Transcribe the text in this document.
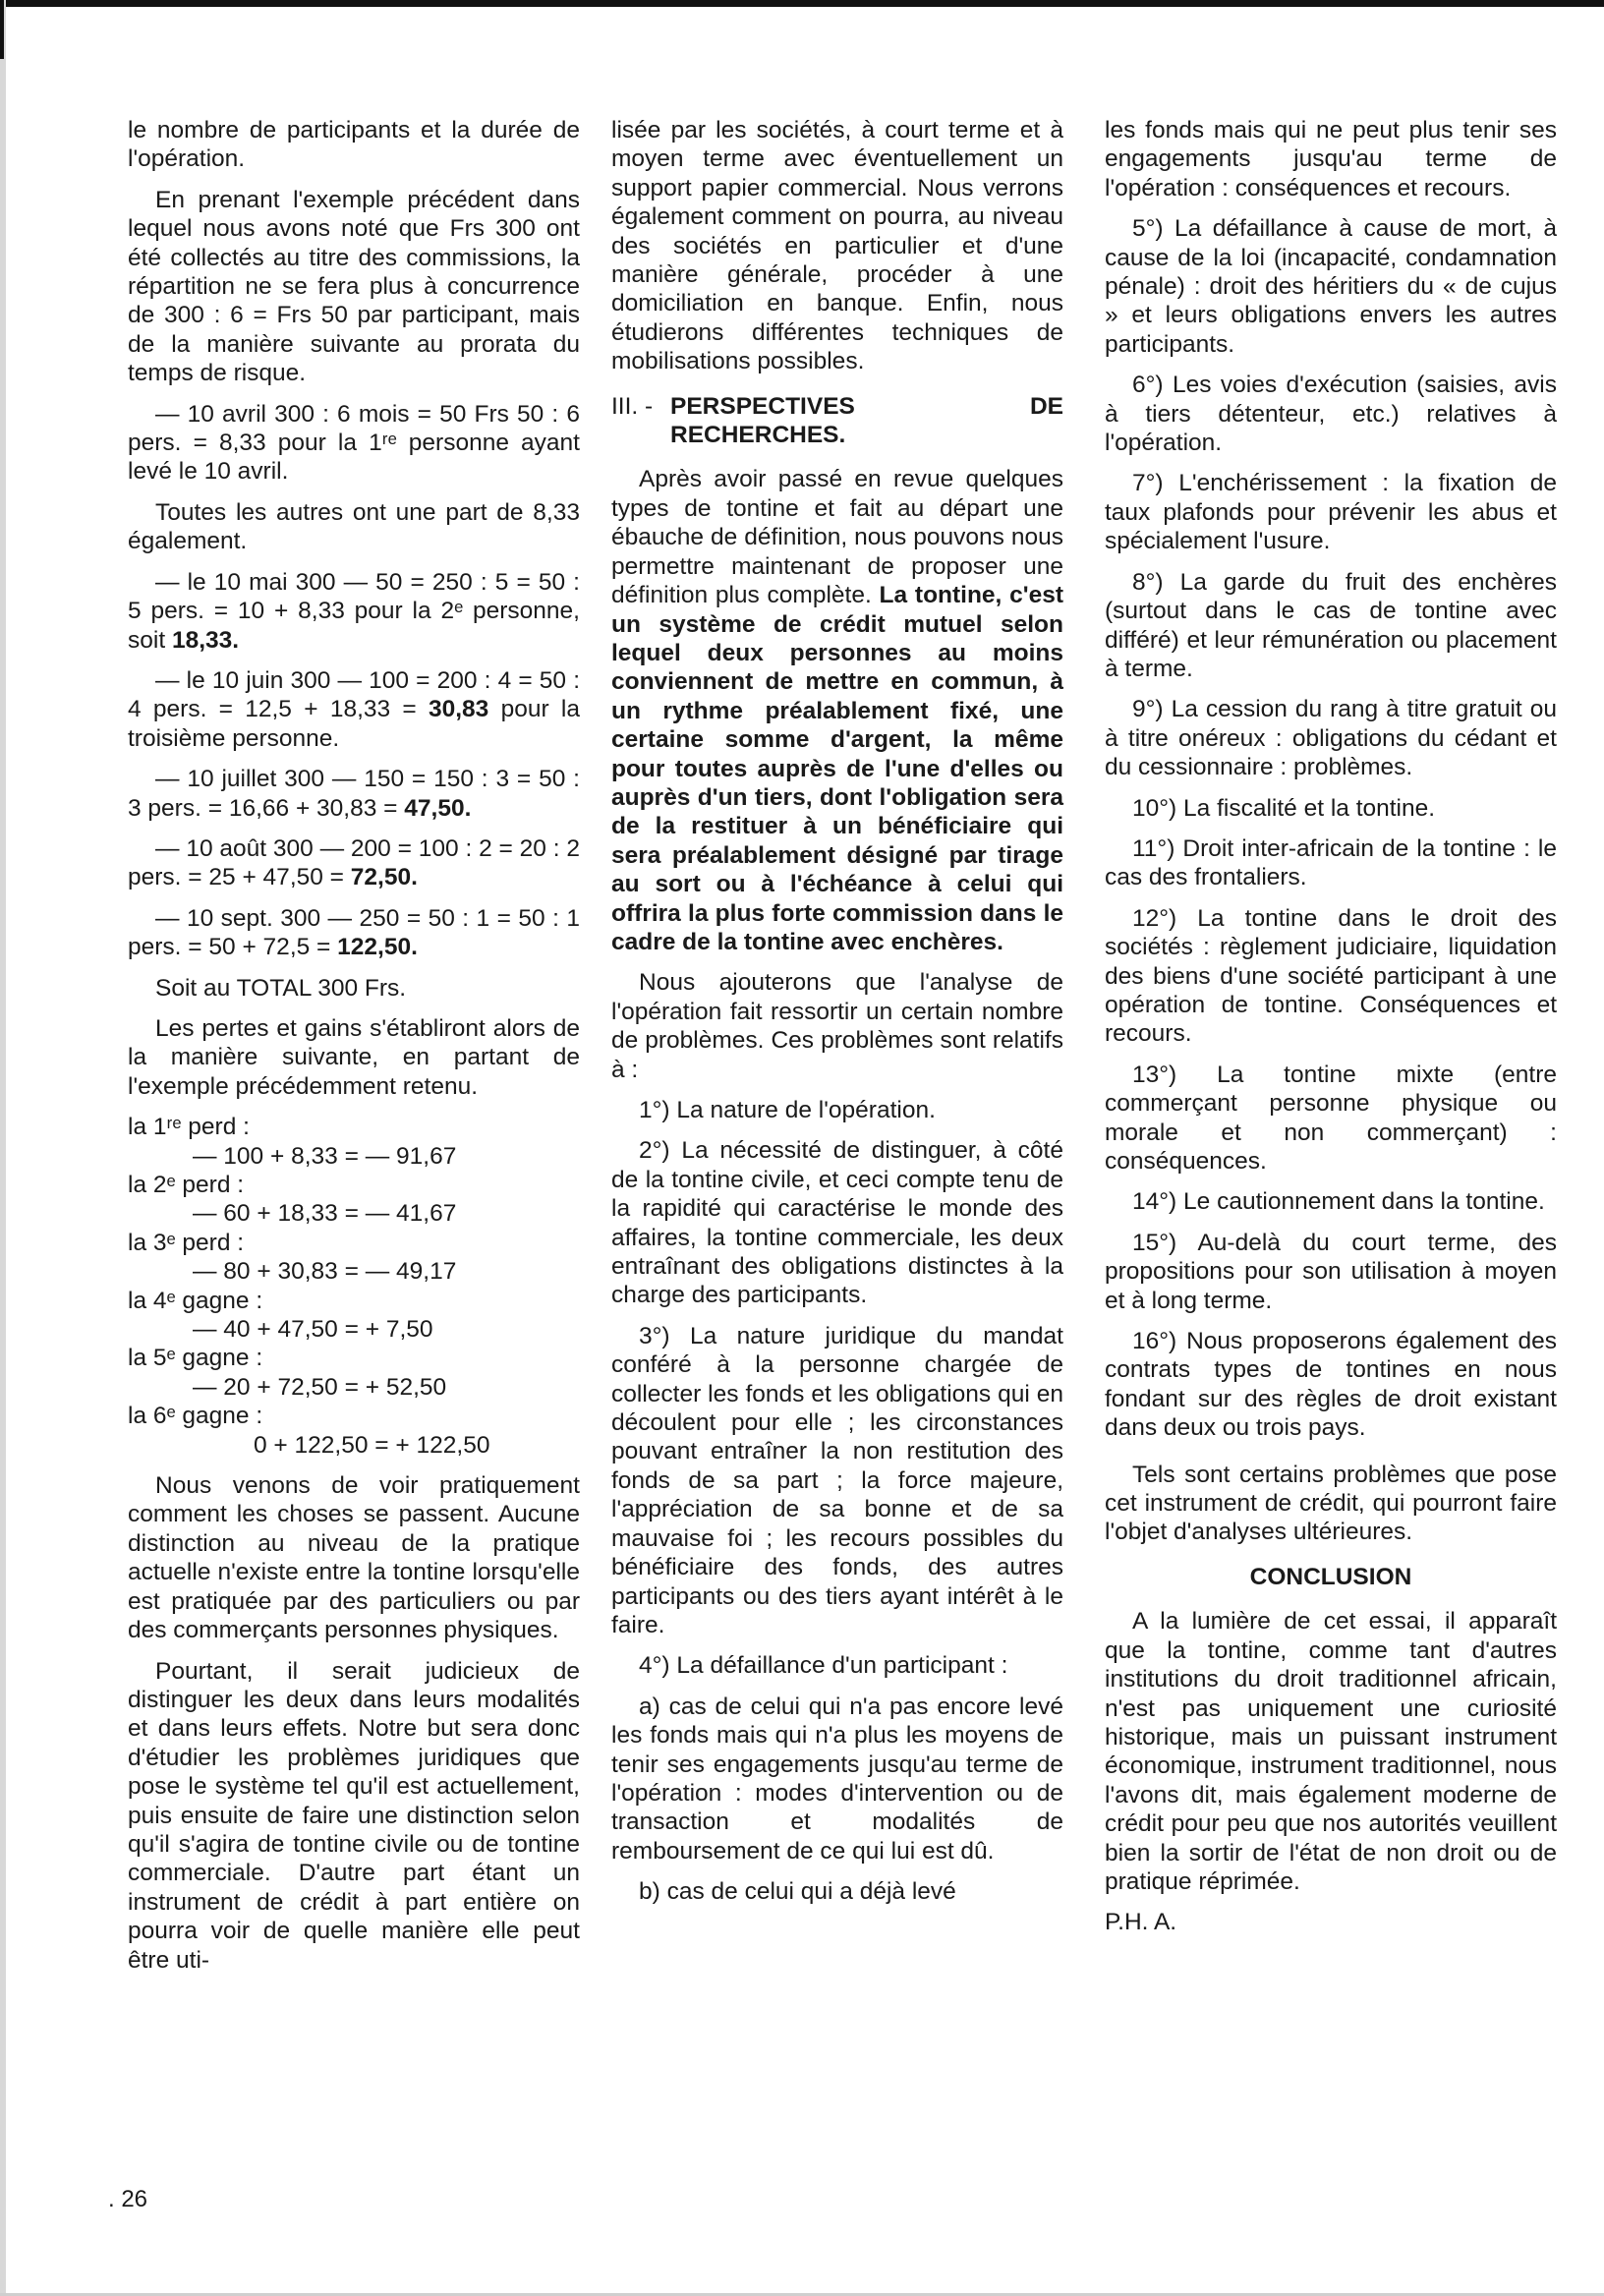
le nombre de participants et la durée de l'opération.

En prenant l'exemple précédent dans lequel nous avons noté que Frs 300 ont été collectés au titre des commissions, la répartition ne se fera plus à concurrence de 300 : 6 = Frs 50 par participant, mais de la manière suivante au prorata du temps de risque.

— 10 avril 300 : 6 mois = 50 Frs 50 : 6 pers. = 8,33 pour la 1ʳᵉ personne ayant levé le 10 avril.

Toutes les autres ont une part de 8,33 également.

— le 10 mai 300 — 50 = 250 : 5 = 50 : 5 pers. = 10 + 8,33 pour la 2ᵉ personne, soit 18,33.

— le 10 juin 300 — 100 = 200 : 4 = 50 : 4 pers. = 12,5 + 18,33 = 30,83 pour la troisième personne.

— 10 juillet 300 — 150 = 150 : 3 = 50 : 3 pers. = 16,66 + 30,83 = 47,50.

— 10 août 300 — 200 = 100 : 2 = 20 : 2 pers. = 25 + 47,50 = 72,50.

— 10 sept. 300 — 250 = 50 : 1 = 50 : 1 pers. = 50 + 72,5 = 122,50.

Soit au TOTAL 300 Frs.

Les pertes et gains s'établiront alors de la manière suivante, en partant de l'exemple précédemment retenu.

la 1ʳᵉ perd :

— 100 + 8,33 = — 91,67

la 2ᵉ perd :

— 60 + 18,33 = — 41,67

la 3ᵉ perd :

— 80 + 30,83 = — 49,17

la 4ᵉ gagne :

— 40 + 47,50 = + 7,50

la 5ᵉ gagne :

— 20 + 72,50 = + 52,50

la 6ᵉ gagne :

0 + 122,50 = + 122,50

Nous venons de voir pratiquement comment les choses se passent. Aucune distinction au niveau de la pratique actuelle n'existe entre la tontine lorsqu'elle est pratiquée par des particuliers ou par des commerçants personnes physiques.

Pourtant, il serait judicieux de distinguer les deux dans leurs modalités et dans leurs effets. Notre but sera donc d'étudier les problèmes juridiques que pose le système tel qu'il est actuellement, puis ensuite de faire une distinction selon qu'il s'agira de tontine civile ou de tontine commerciale. D'autre part étant un instrument de crédit à part entière on pourra voir de quelle manière elle peut être uti-

lisée par les sociétés, à court terme et à moyen terme avec éventuellement un support papier commercial. Nous verrons également comment on pourra, au niveau des sociétés en particulier et d'une manière générale, procéder à une domiciliation en banque. Enfin, nous étudierons différentes techniques de mobilisations possibles.

III. - PERSPECTIVES DE RECHERCHES.

Après avoir passé en revue quelques types de tontine et fait au départ une ébauche de définition, nous pouvons nous permettre maintenant de proposer une définition plus complète. La tontine, c'est un système de crédit mutuel selon lequel deux personnes au moins conviennent de mettre en commun, à un rythme préalablement fixé, une certaine somme d'argent, la même pour toutes auprès de l'une d'elles ou auprès d'un tiers, dont l'obligation sera de la restituer à un bénéficiaire qui sera préalablement désigné par tirage au sort ou à l'échéance à celui qui offrira la plus forte commission dans le cadre de la tontine avec enchères.

Nous ajouterons que l'analyse de l'opération fait ressortir un certain nombre de problèmes. Ces problèmes sont relatifs à :

1°) La nature de l'opération.

2°) La nécessité de distinguer, à côté de la tontine civile, et ceci compte tenu de la rapidité qui caractérise le monde des affaires, la tontine commerciale, les deux entraînant des obligations distinctes à la charge des participants.

3°) La nature juridique du mandat conféré à la personne chargée de collecter les fonds et les obligations qui en découlent pour elle ; les circonstances pouvant entraîner la non restitution des fonds de sa part ; la force majeure, l'appréciation de sa bonne et de sa mauvaise foi ; les recours possibles du bénéficiaire des fonds, des autres participants ou des tiers ayant intérêt à le faire.

4°) La défaillance d'un participant :

a) cas de celui qui n'a pas encore levé les fonds mais qui n'a plus les moyens de tenir ses engagements jusqu'au terme de l'opération : modes d'intervention ou de transaction et modalités de remboursement de ce qui lui est dû.

b) cas de celui qui a déjà levé

les fonds mais qui ne peut plus tenir ses engagements jusqu'au terme de l'opération : conséquences et recours.

5°) La défaillance à cause de mort, à cause de la loi (incapacité, condamnation pénale) : droit des héritiers du « de cujus » et leurs obligations envers les autres participants.

6°) Les voies d'exécution (saisies, avis à tiers détenteur, etc.) relatives à l'opération.

7°) L'enchérissement : la fixation de taux plafonds pour prévenir les abus et spécialement l'usure.

8°) La garde du fruit des enchères (surtout dans le cas de tontine avec différé) et leur rémunération ou placement à terme.

9°) La cession du rang à titre gratuit ou à titre onéreux : obligations du cédant et du cessionnaire : problèmes.

10°) La fiscalité et la tontine.

11°) Droit inter-africain de la tontine : le cas des frontaliers.

12°) La tontine dans le droit des sociétés : règlement judiciaire, liquidation des biens d'une société participant à une opération de tontine. Conséquences et recours.

13°) La tontine mixte (entre commerçant personne physique ou morale et non commerçant) : conséquences.

14°) Le cautionnement dans la tontine.

15°) Au-delà du court terme, des propositions pour son utilisation à moyen et à long terme.

16°) Nous proposerons également des contrats types de tontines en nous fondant sur des règles de droit existant dans deux ou trois pays.

Tels sont certains problèmes que pose cet instrument de crédit, qui pourront faire l'objet d'analyses ultérieures.

CONCLUSION

A la lumière de cet essai, il apparaît que la tontine, comme tant d'autres institutions du droit traditionnel africain, n'est pas uniquement une curiosité historique, mais un puissant instrument économique, instrument traditionnel, nous l'avons dit, mais également moderne de crédit pour peu que nos autorités veuillent bien la sortir de l'état de non droit ou de pratique réprimée.

P.H. A.

. 26
